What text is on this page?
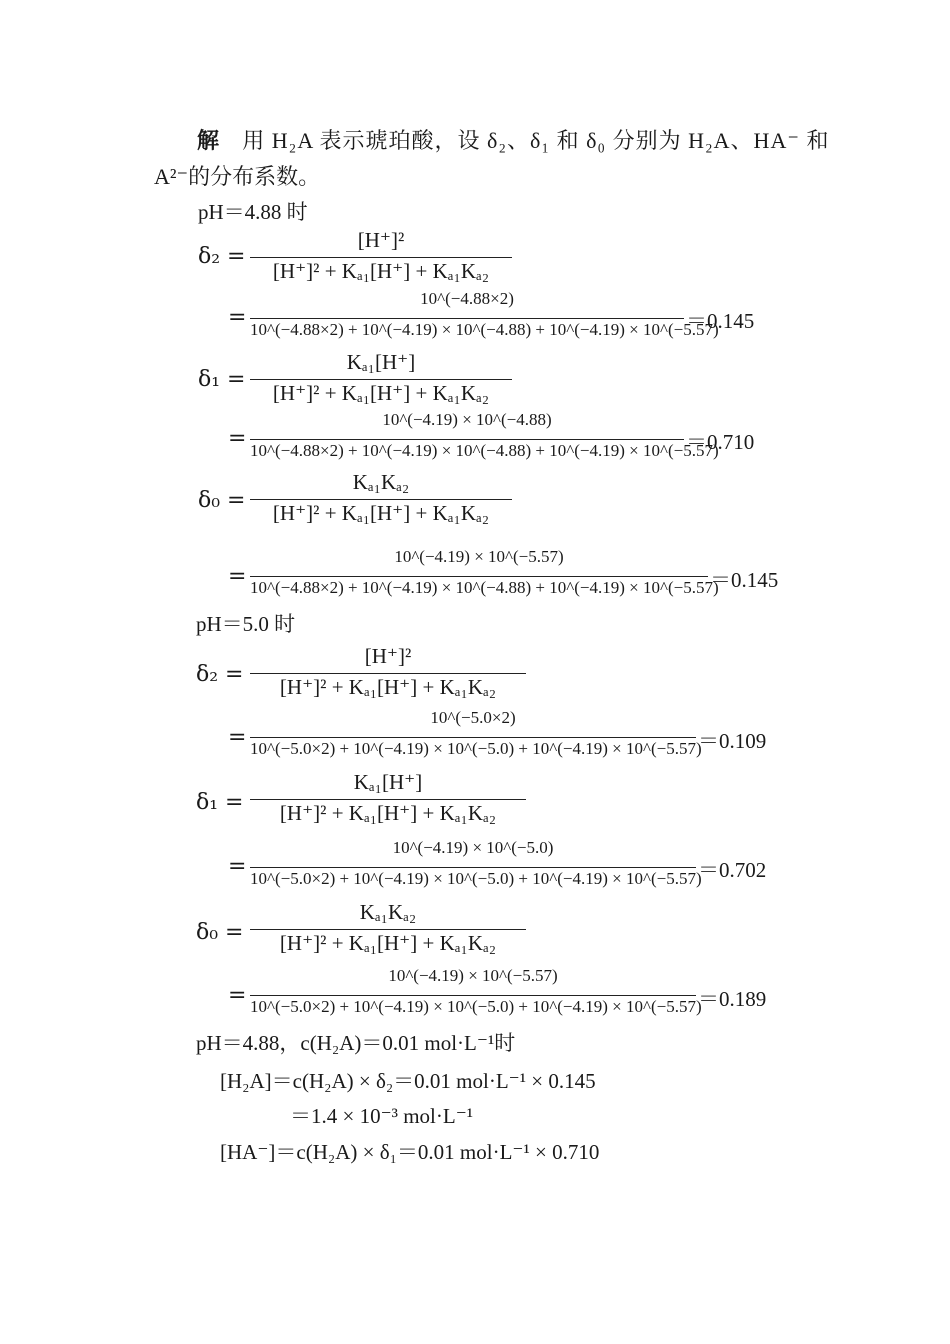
解 用 H₂A 表示琥珀酸，设 δ₂、δ₁ 和 δ₀ 分别为 H₂A、HA⁻ 和
A²⁻的分布系数。
pH＝4.88 时
δ₂ =
[H⁺]²
[H⁺]² + Kₐ₁[H⁺] + Kₐ₁Kₐ₂
=
10^(−4.88×2)
10^(−4.88×2) + 10^(−4.19) × 10^(−4.88) + 10^(−4.19) × 10^(−5.57)
＝0.145
δ₁ =
Kₐ₁[H⁺]
[H⁺]² + Kₐ₁[H⁺] + Kₐ₁Kₐ₂
=
10^(−4.19) × 10^(−4.88)
10^(−4.88×2) + 10^(−4.19) × 10^(−4.88) + 10^(−4.19) × 10^(−5.57)
＝0.710
δ₀ =
Kₐ₁Kₐ₂
[H⁺]² + Kₐ₁[H⁺] + Kₐ₁Kₐ₂
=
10^(−4.19) × 10^(−5.57)
10^(−4.88×2) + 10^(−4.19) × 10^(−4.88) + 10^(−4.19) × 10^(−5.57)
＝0.145
pH＝5.0 时
δ₂ =
[H⁺]²
[H⁺]² + Kₐ₁[H⁺] + Kₐ₁Kₐ₂
=
10^(−5.0×2)
10^(−5.0×2) + 10^(−4.19) × 10^(−5.0) + 10^(−4.19) × 10^(−5.57)
＝0.109
δ₁ =
Kₐ₁[H⁺]
[H⁺]² + Kₐ₁[H⁺] + Kₐ₁Kₐ₂
=
10^(−4.19) × 10^(−5.0)
10^(−5.0×2) + 10^(−4.19) × 10^(−5.0) + 10^(−4.19) × 10^(−5.57)
＝0.702
δ₀ =
Kₐ₁Kₐ₂
[H⁺]² + Kₐ₁[H⁺] + Kₐ₁Kₐ₂
=
10^(−4.19) × 10^(−5.57)
10^(−5.0×2) + 10^(−4.19) × 10^(−5.0) + 10^(−4.19) × 10^(−5.57)
＝0.189
pH＝4.88，c(H₂A)＝0.01 mol·L⁻¹时
[H₂A]＝c(H₂A) × δ₂＝0.01 mol·L⁻¹ × 0.145
＝1.4 × 10⁻³ mol·L⁻¹
[HA⁻]＝c(H₂A) × δ₁＝0.01 mol·L⁻¹ × 0.710
